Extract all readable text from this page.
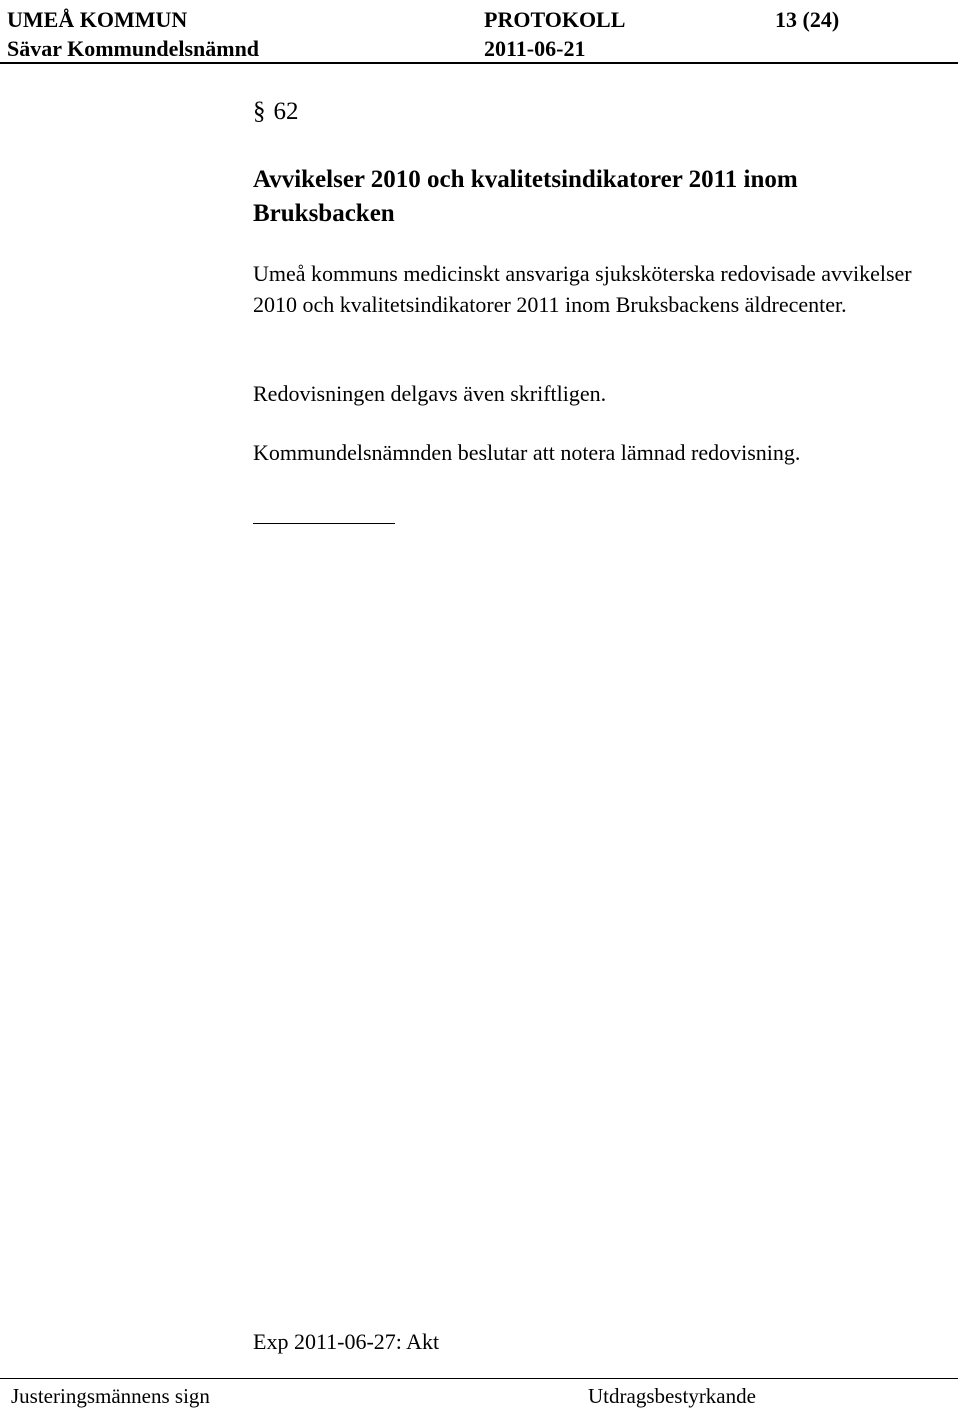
UMEÅ KOMMUN	PROTOKOLL	13 (24)
Sävar Kommundelsnämnd	2011-06-21
§ 62
Avvikelser 2010 och kvalitetsindikatorer 2011 inom Bruksbacken
Umeå kommuns medicinskt ansvariga sjuksköterska redovisade avvikelser 2010 och kvalitetsindikatorer 2011 inom Bruksbackens äldrecenter.
Redovisningen delgavs även skriftligen.
Kommundelsnämnden beslutar att notera lämnad redovisning.
Exp 2011-06-27: Akt
Justeringsmännens sign	Utdragsbestyrkande
